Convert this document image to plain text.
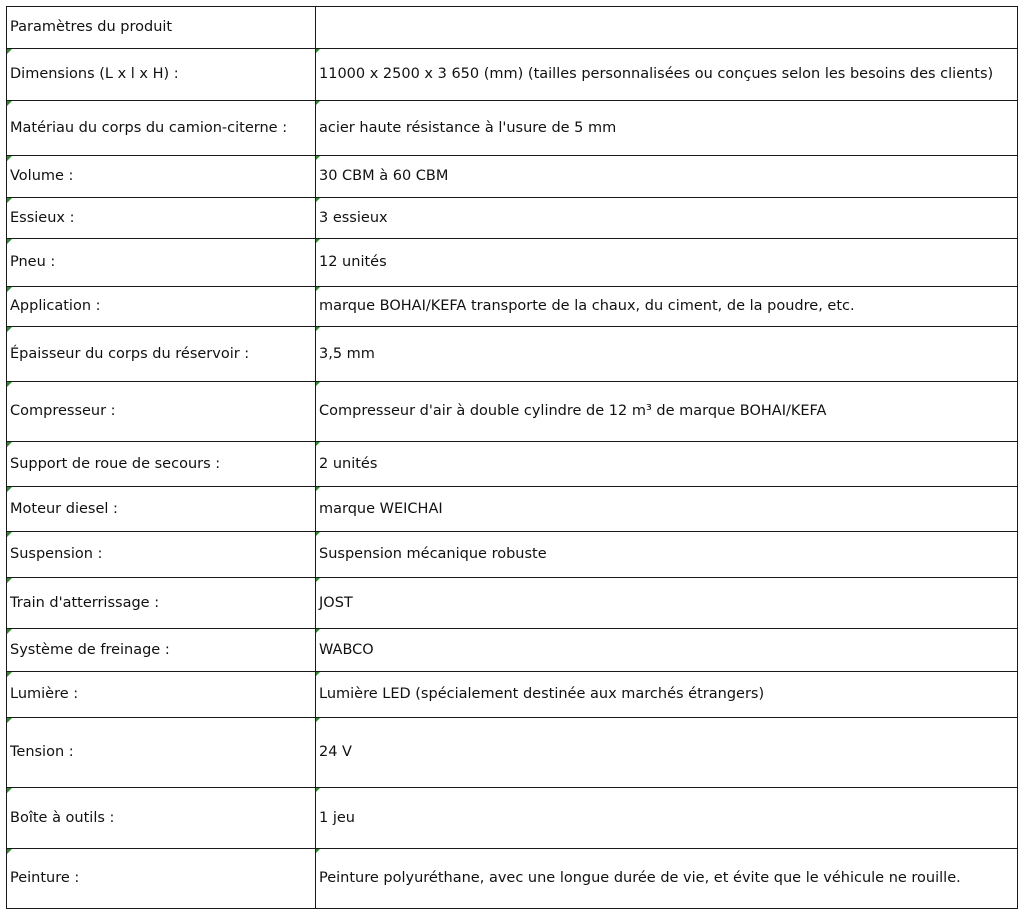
Paramètres du produit	
Dimensions (L x l x H) :	11000 x 2500 x 3 650 (mm) (tailles personnalisées ou conçues selon les besoins des clients)
Matériau du corps du camion-citerne :	acier haute résistance à l'usure de 5 mm
Volume :	30 CBM à 60 CBM
Essieux :	3 essieux
Pneu :	12 unités
Application :	marque BOHAI/KEFA transporte de la chaux, du ciment, de la poudre, etc.
Épaisseur du corps du réservoir :	3,5 mm
Compresseur :	Compresseur d'air à double cylindre de 12 m³ de marque BOHAI/KEFA
Support de roue de secours :	2 unités
Moteur diesel :	marque WEICHAI
Suspension :	Suspension mécanique robuste
Train d'atterrissage :	JOST
Système de freinage :	WABCO
Lumière :	Lumière LED (spécialement destinée aux marchés étrangers)
Tension :	24 V
Boîte à outils :	1 jeu
Peinture :	Peinture polyuréthane, avec une longue durée de vie, et évite que le véhicule ne rouille.
